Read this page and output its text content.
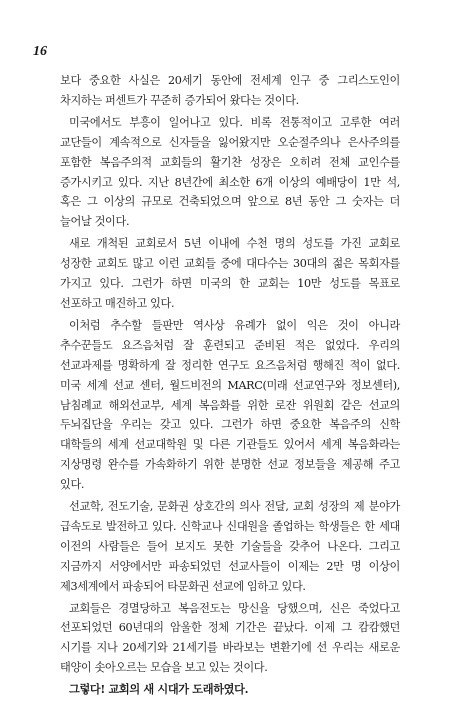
16

보다 중요한 사실은 20세기 동안에 전세계 인구 중 그리스도인이 차지하는 퍼센트가 꾸준히 증가되어 왔다는 것이다.

미국에서도 부흥이 일어나고 있다. 비록 전통적이고 고루한 여러 교단들이 계속적으로 신자들을 잃어왔지만 오순절주의나 은사주의를 포함한 복음주의적 교회들의 활기찬 성장은 오히려 전체 교인수를 증가시키고 있다. 지난 8년간에 최소한 6개 이상의 예배당이 1만 석, 혹은 그 이상의 규모로 건축되었으며 앞으로 8년 동안 그 숫자는 더 늘어날 것이다.

새로 개척된 교회로서 5년 이내에 수천 명의 성도를 가진 교회로 성장한 교회도 많고 이런 교회들 중에 대다수는 30대의 젊은 목회자를 가지고 있다. 그런가 하면 미국의 한 교회는 10만 성도를 목표로 선포하고 매진하고 있다.

이처럼 추수할 들판만 역사상 유례가 없이 익은 것이 아니라 추수꾼들도 요즈음처럼 잘 훈련되고 준비된 적은 없었다. 우리의 선교과제를 명확하게 잘 정리한 연구도 요즈음처럼 행해진 적이 없다. 미국 세계 선교 센터, 월드비전의 MARC(미래 선교연구와 정보센터), 남침례교 해외선교부, 세계 복음화를 위한 로잔 위원회 같은 선교의 두뇌집단을 우리는 갖고 있다. 그런가 하면 중요한 복음주의 신학 대학들의 세계 선교대학원 및 다른 기관들도 있어서 세계 복음화라는 지상명령 완수를 가속화하기 위한 분명한 선교 정보들을 제공해 주고 있다.

선교학, 전도기술, 문화권 상호간의 의사 전달, 교회 성장의 제 분야가 급속도로 발전하고 있다. 신학교나 신대원을 졸업하는 학생들은 한 세대 이전의 사람들은 들어 보지도 못한 기술들을 갖추어 나온다. 그리고 지금까지 서양에서만 파송되었던 선교사들이 이제는 2만 명 이상이 제3세계에서 파송되어 타문화권 선교에 임하고 있다.

교회들은 경멸당하고 복음전도는 망신을 당했으며, 신은 죽었다고 선포되었던 60년대의 암울한 정체 기간은 끝났다. 이제 그 캄캄했던 시기를 지나 20세기와 21세기를 바라보는 변환기에 선 우리는 새로운 태양이 솟아오르는 모습을 보고 있는 것이다.

그렇다! 교회의 새 시대가 도래하였다.
